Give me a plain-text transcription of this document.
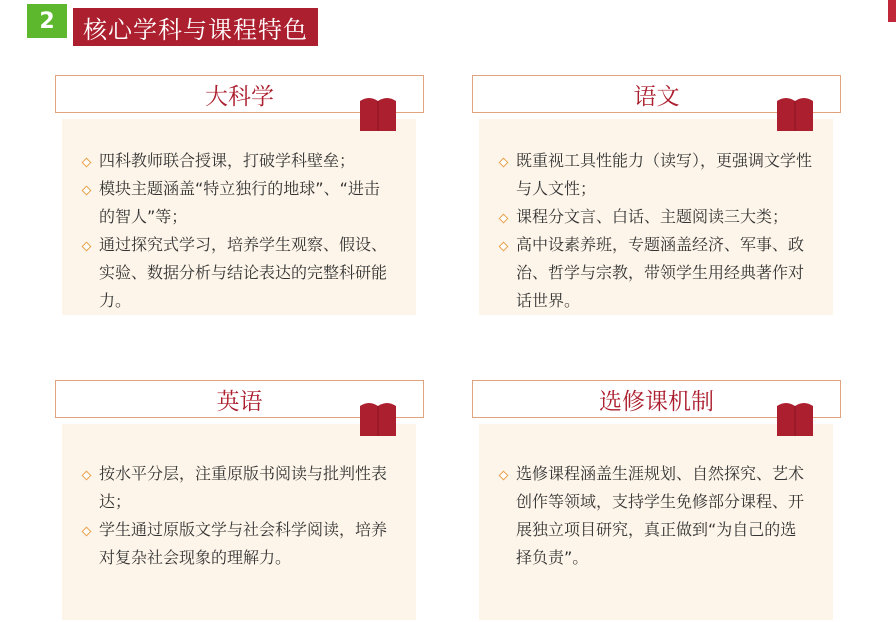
2	核心学科与课程特色
大科学
四科教师联合授课，打破学科壁垒；
模块主题涵盖“特立独行的地球”、“进击的智人”等；
通过探究式学习，培养学生观察、假设、实验、数据分析与结论表达的完整科研能力。
语文
既重视工具性能力（读写），更强调文学性与人文性；
课程分文言、白话、主题阅读三大类；
高中设素养班，专题涵盖经济、军事、政治、哲学与宗教，带领学生用经典著作对话世界。
英语
按水平分层，注重原版书阅读与批判性表达；
学生通过原版文学与社会科学阅读，培养对复杂社会现象的理解力。
选修课机制
选修课程涵盖生涯规划、自然探究、艺术创作等领域，支持学生免修部分课程、开展独立项目研究，真正做到“为自己的选择负责”。
